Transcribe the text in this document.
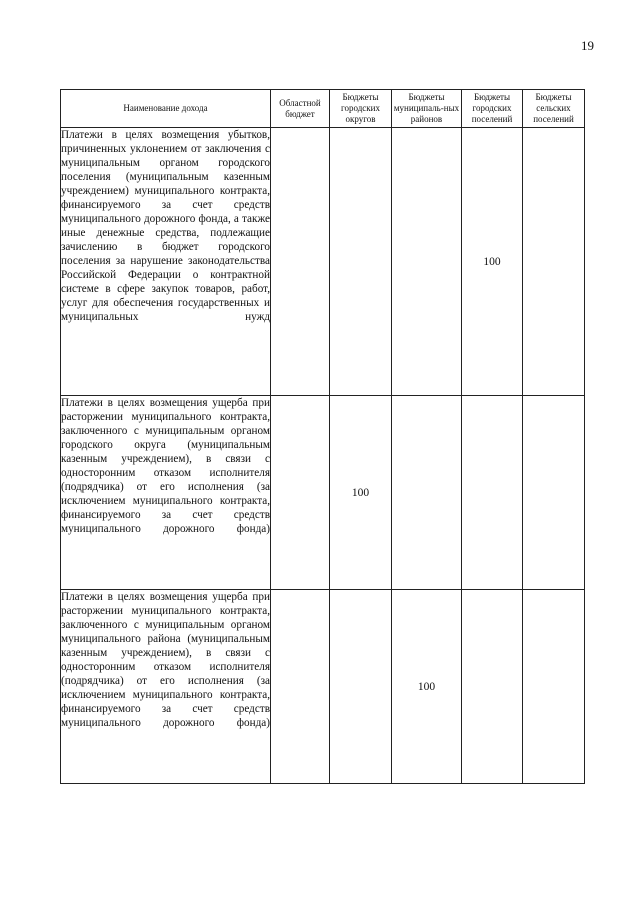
19
Наименование дохода	Областной бюджет	Бюджеты городских округов	Бюджеты муниципаль-ных районов	Бюджеты городских поселений	Бюджеты сельских поселений
Платежи в целях возмещения убытков, причиненных уклонением от заключения с муниципальным органом городского поселения (муниципальным казенным учреждением) муниципального контракта, финансируемого за счет средств муниципального дорожного фонда, а также иные денежные средства, подлежащие зачислению в бюджет городского поселения за нарушение законодательства Российской Федерации о контрактной системе в сфере закупок товаров, работ, услуг для обеспечения государственных и муниципальных нужд				100	
Платежи в целях возмещения ущерба при расторжении муниципального контракта, заключенного с муниципальным органом городского округа (муниципальным казенным учреждением), в связи с односторонним отказом исполнителя (подрядчика) от его исполнения (за исключением муниципального контракта, финансируемого за счет средств муниципального дорожного фонда)		100			
Платежи в целях возмещения ущерба при расторжении муниципального контракта, заключенного с муниципальным органом муниципального района (муниципальным казенным учреждением), в связи с односторонним отказом исполнителя (подрядчика) от его исполнения (за исключением муниципального контракта, финансируемого за счет средств муниципального дорожного фонда)			100		
